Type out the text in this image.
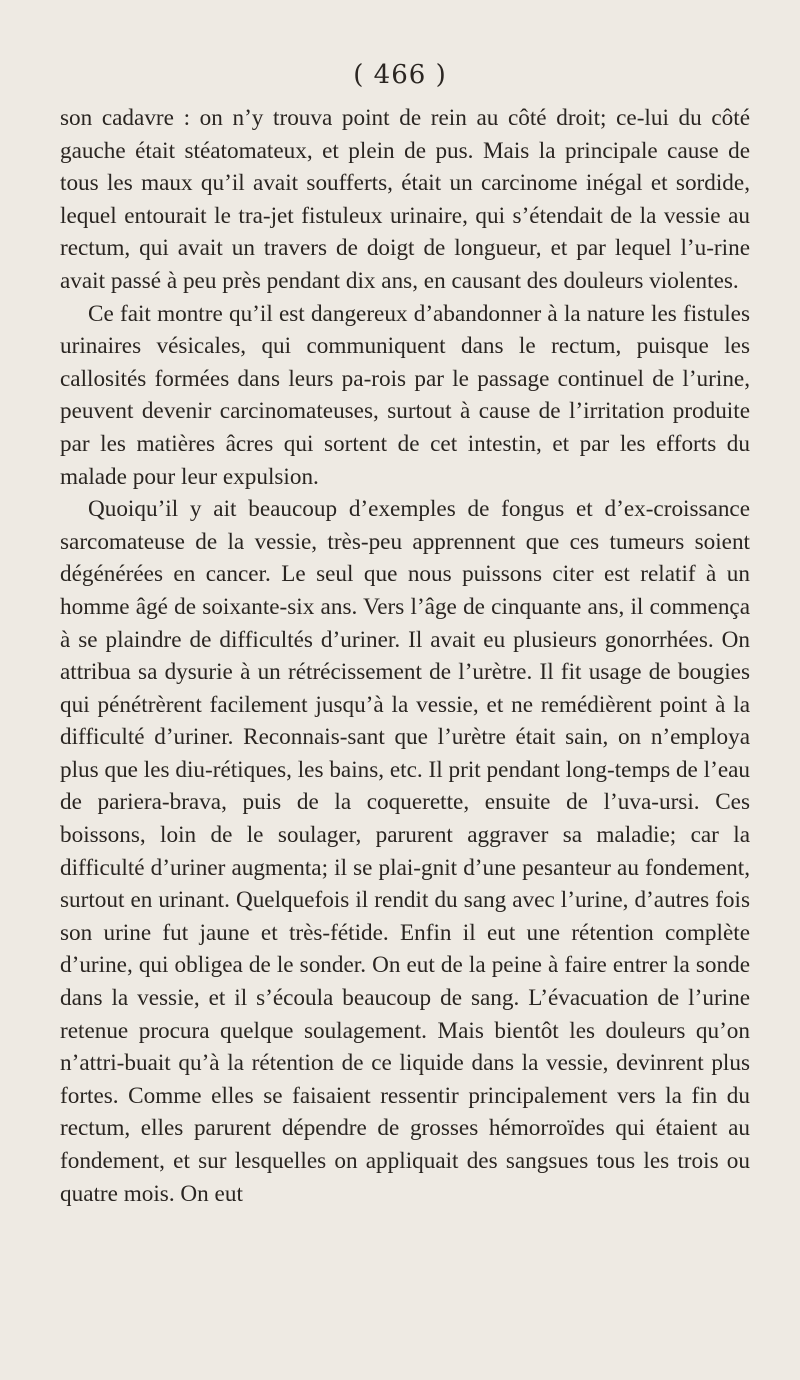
( 466 )

son cadavre : on n’y trouva point de rein au côté droit; ce-lui du côté gauche était stéatomateux, et plein de pus. Mais la principale cause de tous les maux qu’il avait soufferts, était un carcinome inégal et sordide, lequel entourait le tra-jet fistuleux urinaire, qui s’étendait de la vessie au rectum, qui avait un travers de doigt de longueur, et par lequel l’u-rine avait passé à peu près pendant dix ans, en causant des douleurs violentes.

Ce fait montre qu’il est dangereux d’abandonner à la nature les fistules urinaires vésicales, qui communiquent dans le rectum, puisque les callosités formées dans leurs pa-rois par le passage continuel de l’urine, peuvent devenir carcinomateuses, surtout à cause de l’irritation produite par les matières âcres qui sortent de cet intestin, et par les efforts du malade pour leur expulsion.

Quoiqu’il y ait beaucoup d’exemples de fongus et d’ex-croissance sarcomateuse de la vessie, très-peu apprennent que ces tumeurs soient dégénérées en cancer. Le seul que nous puissons citer est relatif à un homme âgé de soixante-six ans. Vers l’âge de cinquante ans, il commença à se plaindre de difficultés d’uriner. Il avait eu plusieurs gonorrhées. On attribua sa dysurie à un rétrécissement de l’urètre. Il fit usage de bougies qui pénétrèrent facilement jusqu’à la vessie, et ne remédièrent point à la difficulté d’uriner. Reconnais-sant que l’urètre était sain, on n’employa plus que les diu-rétiques, les bains, etc. Il prit pendant long-temps de l’eau de pariera-brava, puis de la coquerette, ensuite de l’uva-ursi. Ces boissons, loin de le soulager, parurent aggraver sa maladie; car la difficulté d’uriner augmenta; il se plai-gnit d’une pesanteur au fondement, surtout en urinant. Quelquefois il rendit du sang avec l’urine, d’autres fois son urine fut jaune et très-fétide. Enfin il eut une rétention complète d’urine, qui obligea de le sonder. On eut de la peine à faire entrer la sonde dans la vessie, et il s’écoula beaucoup de sang. L’évacuation de l’urine retenue procura quelque soulagement. Mais bientôt les douleurs qu’on n’attri-buait qu’à la rétention de ce liquide dans la vessie, devinrent plus fortes. Comme elles se faisaient ressentir principalement vers la fin du rectum, elles parurent dépendre de grosses hémorroïdes qui étaient au fondement, et sur lesquelles on appliquait des sangsues tous les trois ou quatre mois. On eut
